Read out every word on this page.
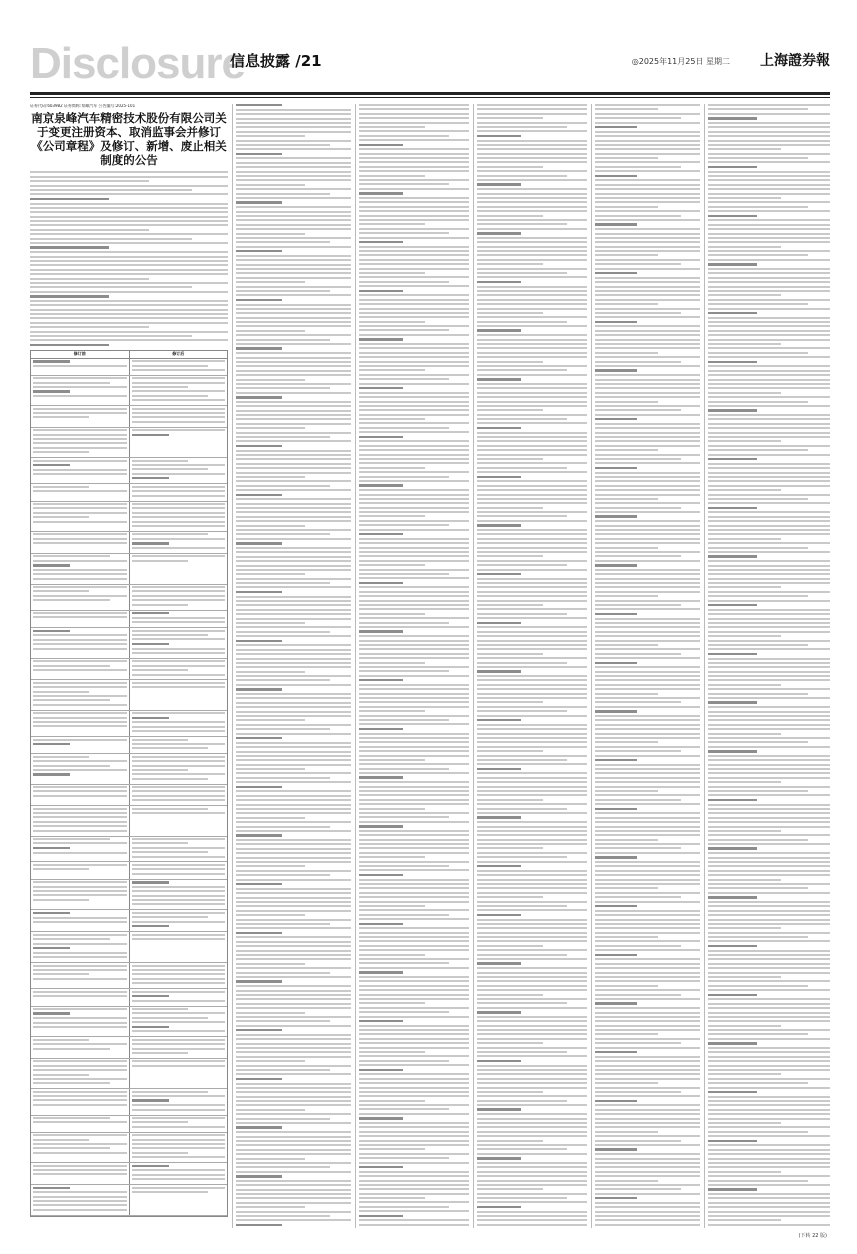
Disclosure
信息披露 /21	◎2025年11月25日 星期二 上海證券報
证券代码:603982 证券简称:泉峰汽车 公告编号:2025-101
南京泉峰汽车精密技术股份有限公司关于变更注册资本、取消监事会并修订《公司章程》及修订、新增、废止相关制度的公告
修订前	修订后
(下转 22 版)
